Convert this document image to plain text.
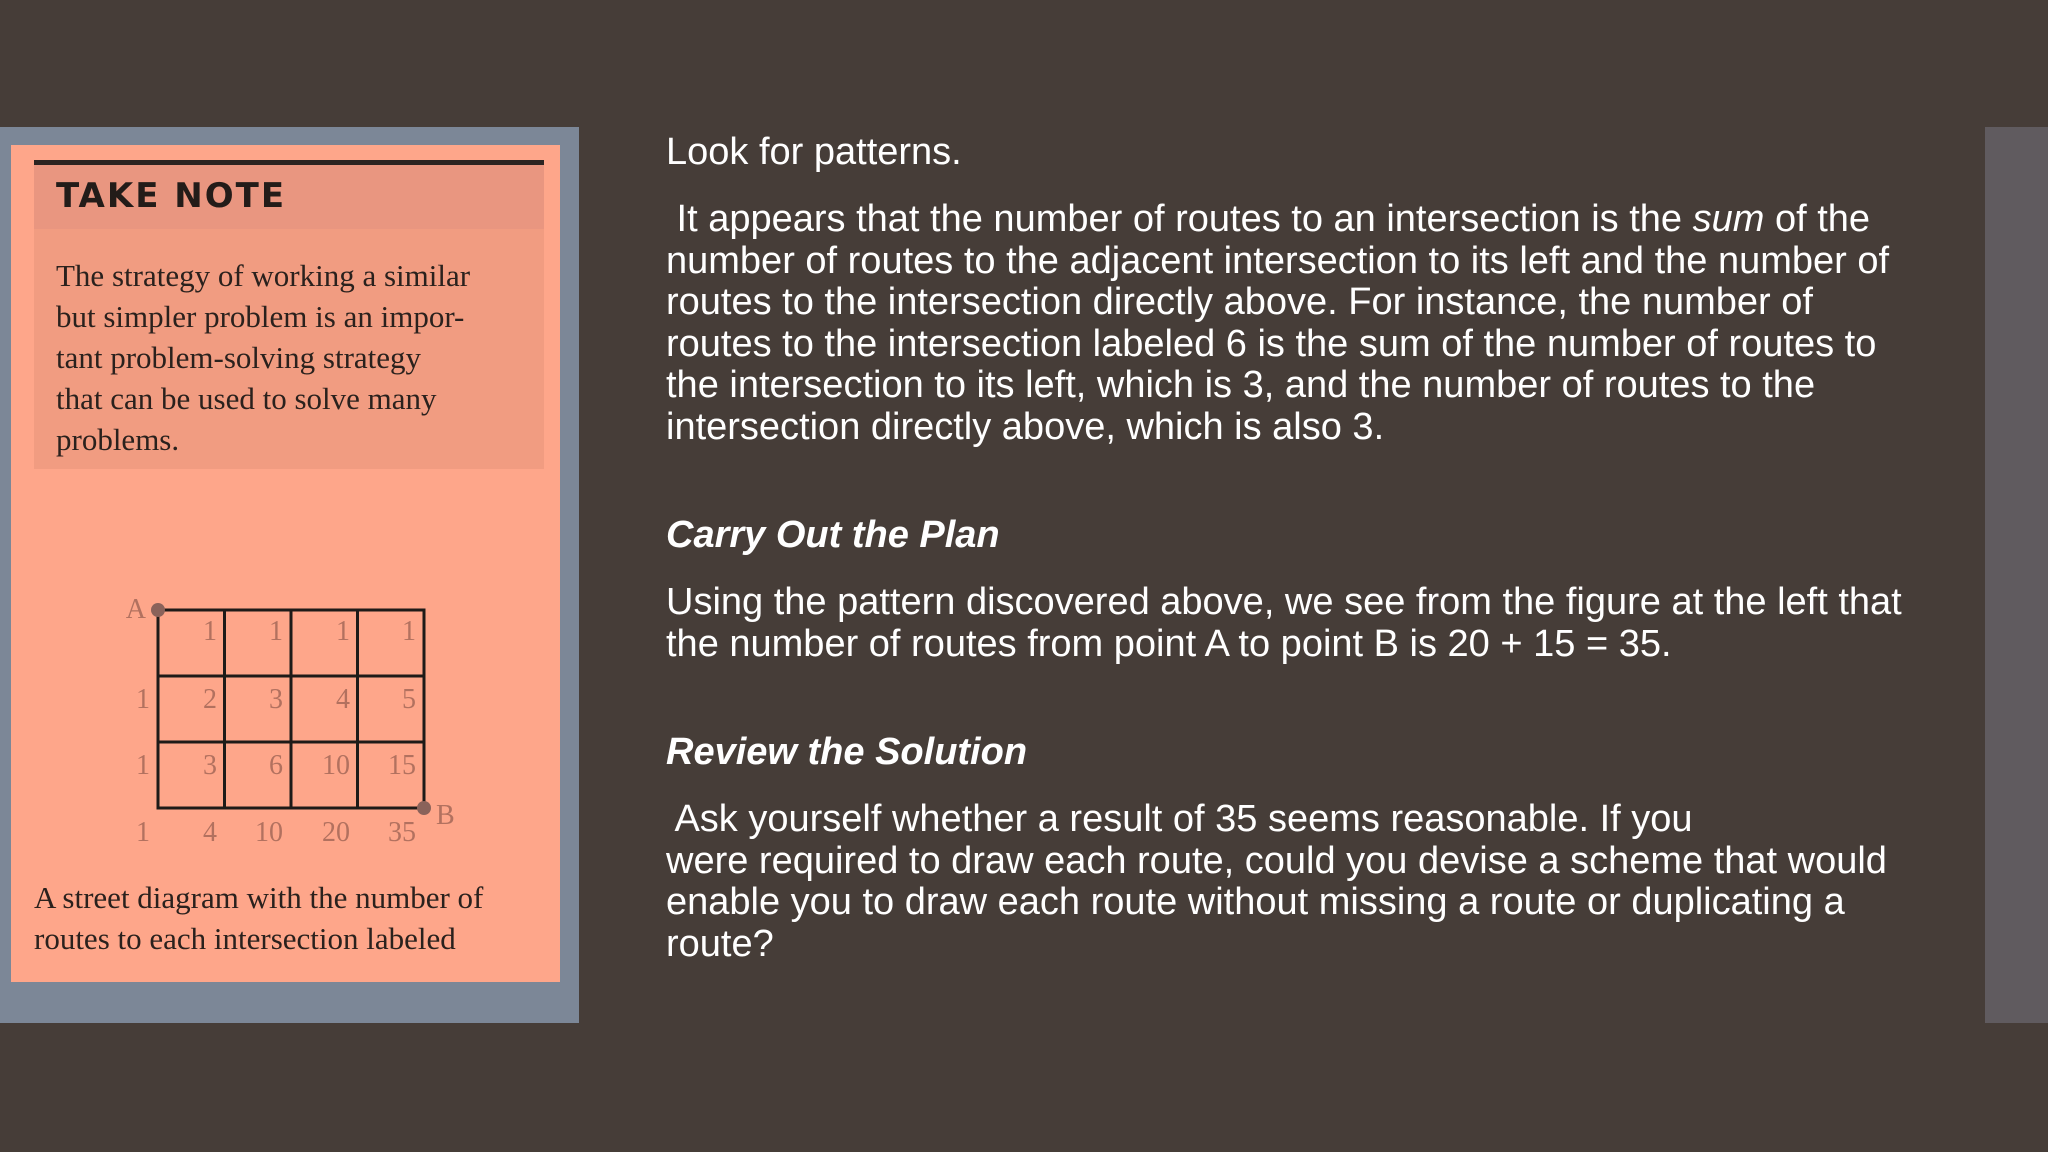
TAKE NOTE
The strategy of working a similar
but simpler problem is an impor-
tant problem-solving strategy
that can be used to solve many
problems.
A
B
1 1 1 1
1 2 3 4 5
1 3 6 10 15
1 4 10 20 35
A street diagram with the number of
routes to each intersection labeled
Look for patterns.
It appears that the number of routes to an intersection is the sum of the
number of routes to the adjacent intersection to its left and the number of
routes to the intersection directly above. For instance, the number of
routes to the intersection labeled 6 is the sum of the number of routes to
the intersection to its left, which is 3, and the number of routes to the
intersection directly above, which is also 3.
Carry Out the Plan
Using the pattern discovered above, we see from the figure at the left that
the number of routes from point A to point B is 20 + 15 = 35.
Review the Solution
Ask yourself whether a result of 35 seems reasonable. If you
were required to draw each route, could you devise a scheme that would
enable you to draw each route without missing a route or duplicating a
route?
